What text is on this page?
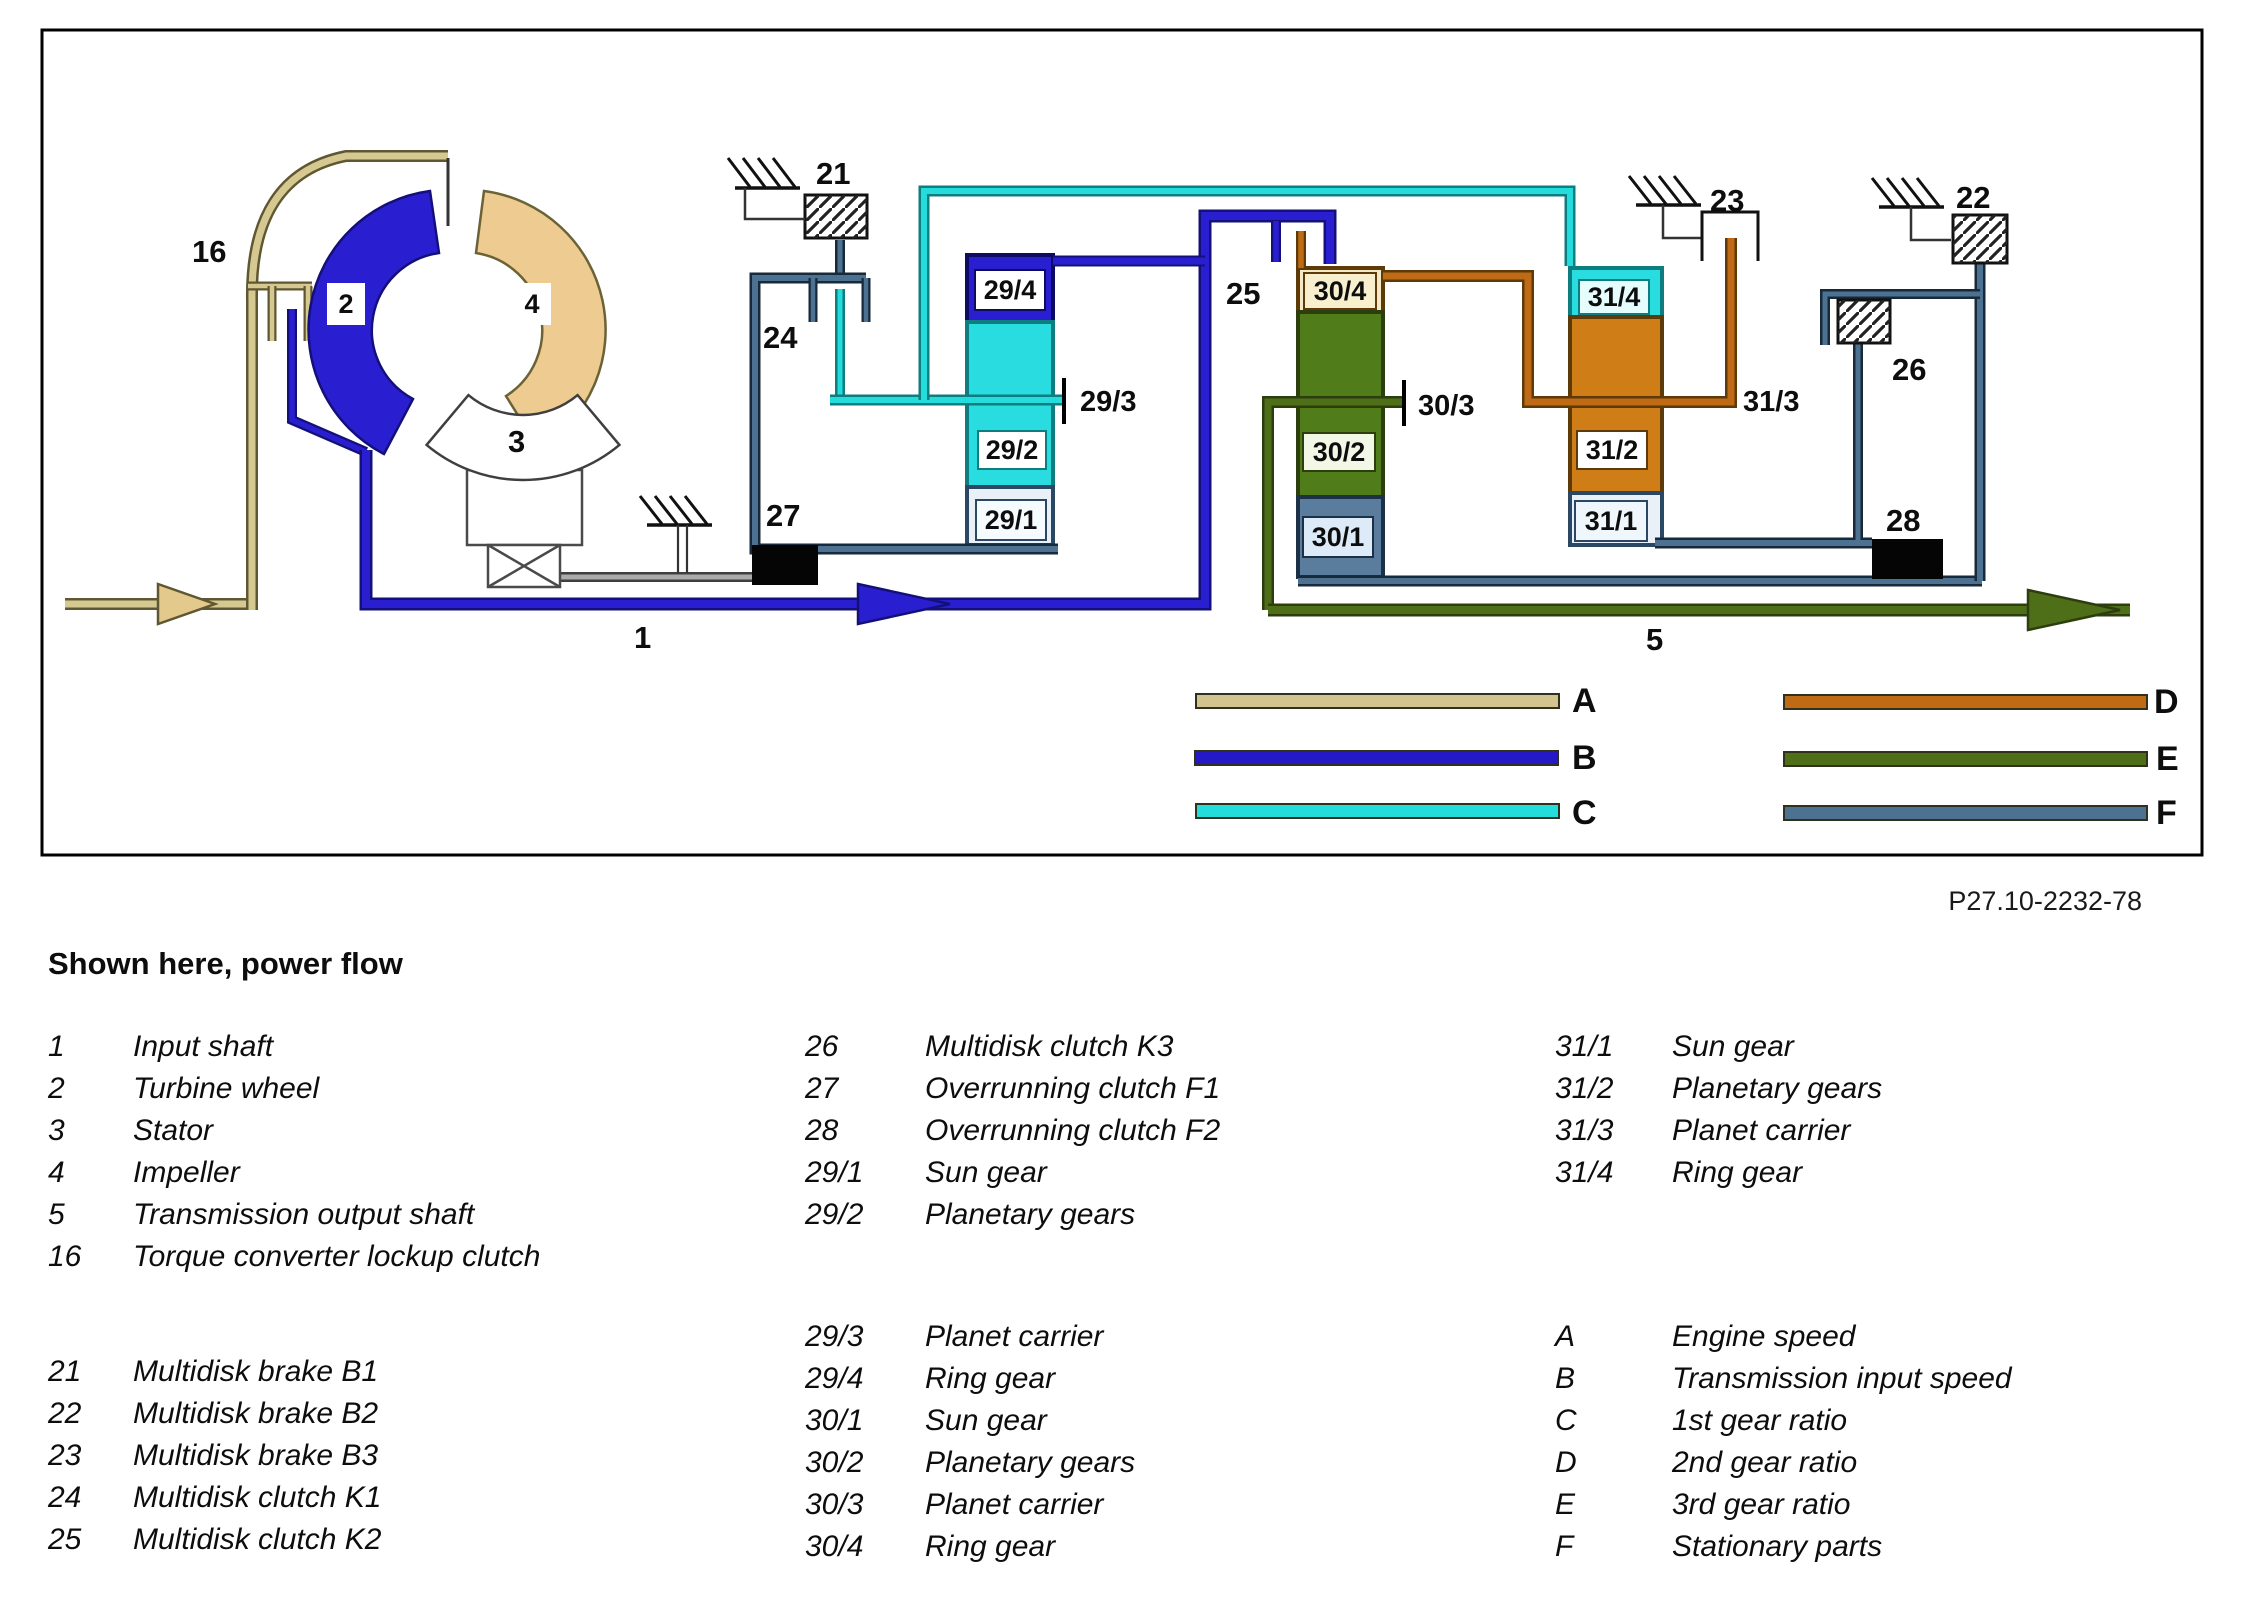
16
2	4
3
21
24
27
25
23	22
26
28
1	5
29/4
29/3
29/2
29/1
30/4
30/3
30/2
30/1
31/4
31/3
31/2
31/1
A
B
C
D
E
F
P27.10-2232-78
Shown here, power flow
1 Input shaft
2 Turbine wheel
3 Stator
4 Impeller
5 Transmission output shaft
16 Torque converter lockup clutch
21 Multidisk brake B1
22 Multidisk brake B2
23 Multidisk brake B3
24 Multidisk clutch K1
25 Multidisk clutch K2
26	Multidisk clutch K3
27	Overrunning clutch F1
28	Overrunning clutch F2
29/1 Sun gear
29/2 Planetary gears
29/3 Planet carrier
29/4 Ring gear
30/1 Sun gear
30/2 Planetary gears
30/3 Planet carrier
30/4 Ring gear
31/1 Sun gear
31/2 Planetary gears
31/3 Planet carrier
31/4 Ring gear
A	Engine speed
B	Transmission input speed
C	1st gear ratio
D	2nd gear ratio
E	3rd gear ratio
F	Stationary parts
